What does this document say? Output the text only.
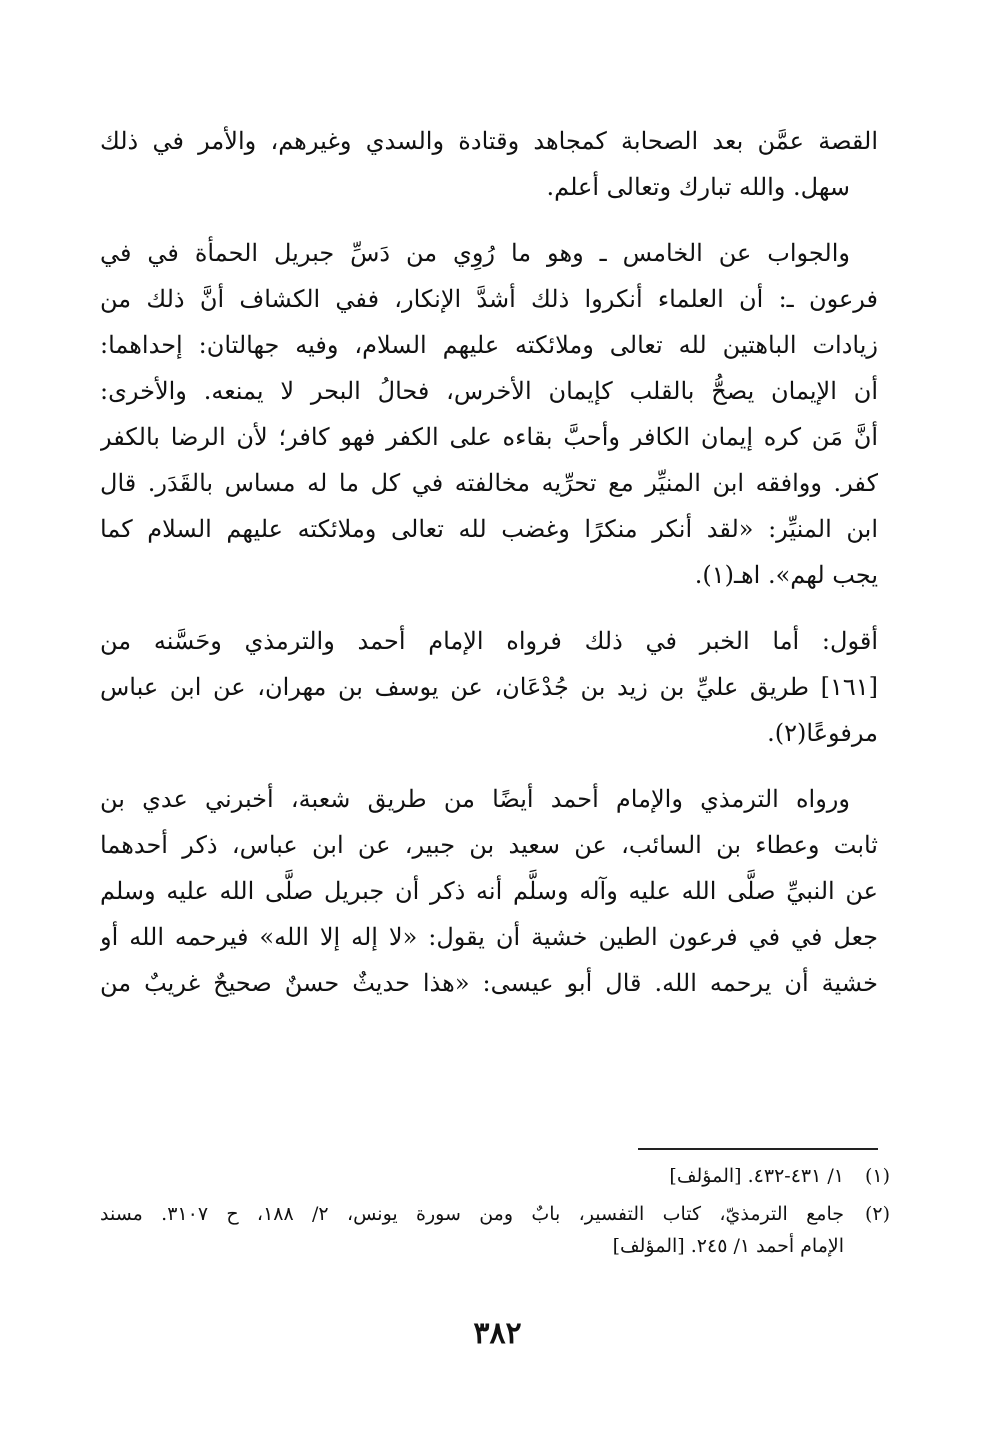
القصة عمَّن بعد الصحابة كمجاهد وقتادة والسدي وغيرهم، والأمر في ذلك
سهل. والله تبارك وتعالى أعلم.
والجواب عن الخامس ـ وهو ما رُوِي من دَسِّ جبريل الحمأة في في
فرعون ـ: أن العلماء أنكروا ذلك أشدَّ الإنكار، ففي الكشاف أنَّ ذلك من
زيادات الباهتين لله تعالى وملائكته عليهم السلام، وفيه جهالتان: إحداهما:
أن الإيمان يصحُّ بالقلب كإيمان الأخرس، فحالُ البحر لا يمنعه. والأخرى:
أنَّ مَن كره إيمان الكافر وأحبَّ بقاءه على الكفر فهو كافر؛ لأن الرضا بالكفر
كفر. ووافقه ابن المنيِّر مع تحرِّيه مخالفته في كل ما له مساس بالقَدَر. قال
ابن المنيِّر: «لقد أنكر منكرًا وغضب لله تعالى وملائكته عليهم السلام كما
يجب لهم». اهـ(١).
أقول: أما الخبر في ذلك فرواه الإمام أحمد والترمذي وحَسَّنه من
[١٦١] طريق عليِّ بن زيد بن جُدْعَان، عن يوسف بن مهران، عن ابن عباس
مرفوعًا(٢).
ورواه الترمذي والإمام أحمد أيضًا من طريق شعبة، أخبرني عدي بن
ثابت وعطاء بن السائب، عن سعيد بن جبير، عن ابن عباس، ذكر أحدهما
عن النبيِّ صلَّى الله عليه وآله وسلَّم أنه ذكر أن جبريل صلَّى الله عليه وسلم
جعل في في فرعون الطين خشية أن يقول: «لا إله إلا الله» فيرحمه الله أو
خشية أن يرحمه الله. قال أبو عيسى: «هذا حديثٌ حسنٌ صحيحٌ غريبٌ من
(١)
١/ ٤٣١-٤٣٢. [المؤلف]
(٢)
جامع الترمذيّ، كتاب التفسير، بابٌ ومن سورة يونس، ٢/ ١٨٨، ح ٣١٠٧. مسند
الإمام أحمد ١/ ٢٤٥. [المؤلف]
٣٨٢
